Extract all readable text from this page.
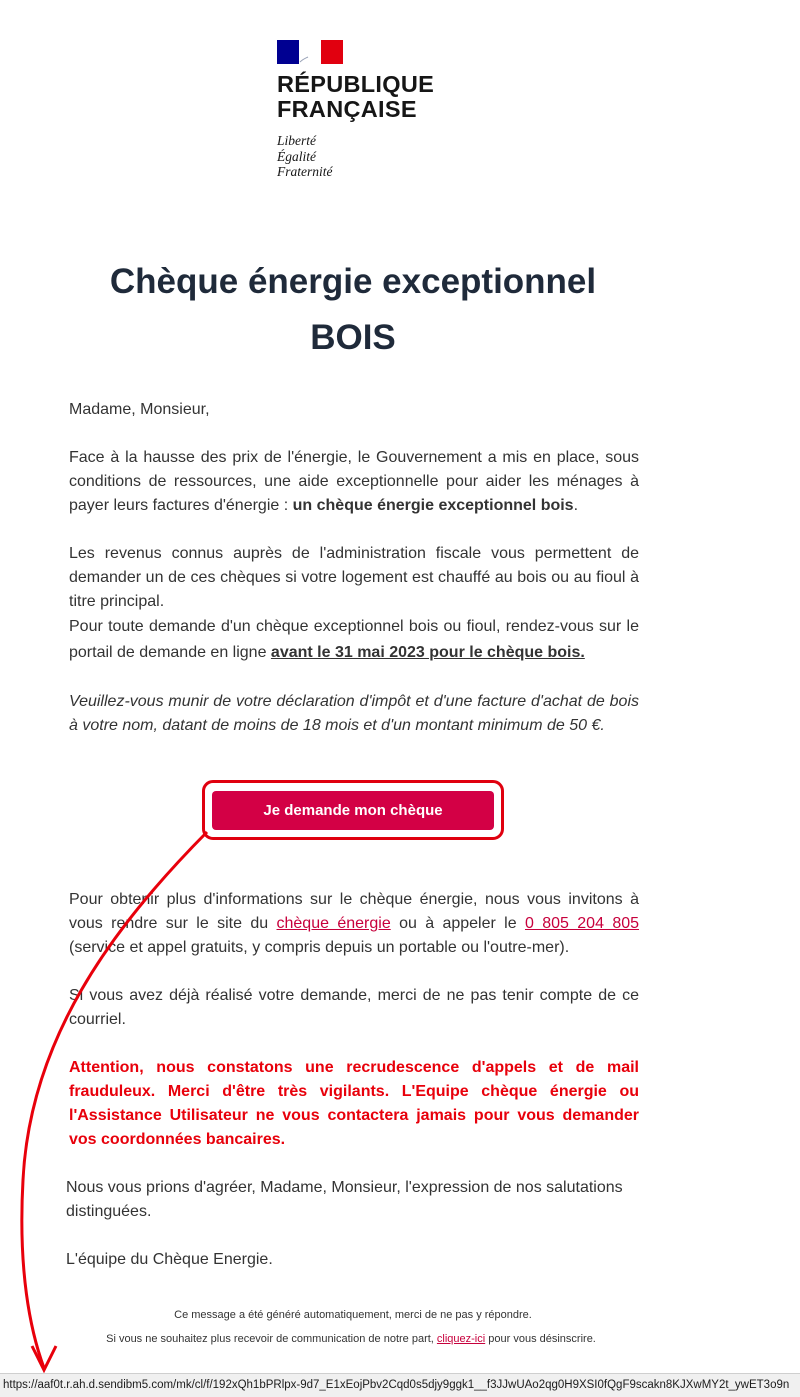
RÉPUBLIQUE
FRANÇAISE
Liberté
Égalité
Fraternité
Chèque énergie exceptionnel
BOIS

Madame, Monsieur,

Face à la hausse des prix de l'énergie, le Gouvernement a mis en place, sous conditions de ressources, une aide exceptionnelle pour aider les ménages à payer leurs factures d'énergie : un chèque énergie exceptionnel bois.

Les revenus connus auprès de l'administration fiscale vous permettent de demander un de ces chèques si votre logement est chauffé au bois ou au fioul à titre principal.

Pour toute demande d'un chèque exceptionnel bois ou fioul, rendez-vous sur le portail de demande en ligne avant le 31 mai 2023 pour le chèque bois.

Veuillez-vous munir de votre déclaration d'impôt et d'une facture d'achat de bois à votre nom, datant de moins de 18 mois et d'un montant minimum de 50 €.

Je demande mon chèque

Pour obtenir plus d'informations sur le chèque énergie, nous vous invitons à vous rendre sur le site du chèque énergie ou à appeler le 0 805 204 805 (service et appel gratuits, y compris depuis un portable ou l'outre-mer).

Si vous avez déjà réalisé votre demande, merci de ne pas tenir compte de ce courriel.

Attention, nous constatons une recrudescence d'appels et de mail frauduleux. Merci d'être très vigilants. L'Equipe chèque énergie ou l'Assistance Utilisateur ne vous contactera jamais pour vous demander vos coordonnées bancaires.

Nous vous prions d'agréer, Madame, Monsieur, l'expression de nos salutations distinguées.

L'équipe du Chèque Energie.

Ce message a été généré automatiquement, merci de ne pas y répondre.
Si vous ne souhaitez plus recevoir de communication de notre part, cliquez-ici pour vous désinscrire.
https://aaf0t.r.ah.d.sendibm5.com/mk/cl/f/192xQh1bPRlpx-9d7_E1xEojPbv2Cqd0s5djy9ggk1__f3JJwUAo2qg0H9XSI0fQgF9scakn8KJXwMY2t_ywET3o9n
